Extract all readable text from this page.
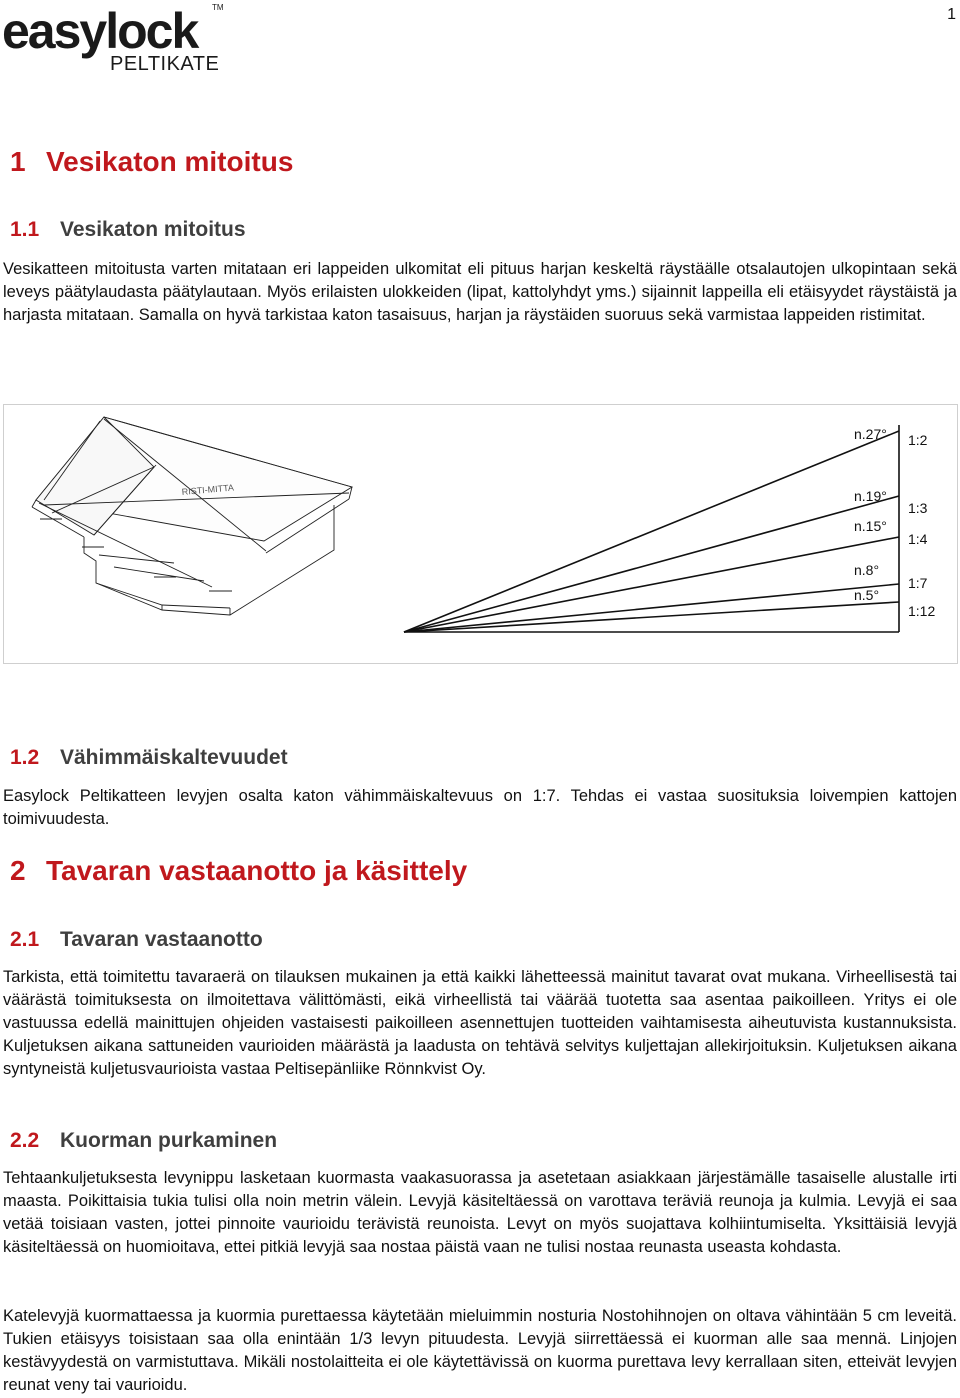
1
easylock TM
PELTIKATE
1 Vesikaton mitoitus
1.1 Vesikaton mitoitus

Vesikatteen mitoitusta varten mitataan eri lappeiden ulkomitat eli pituus harjan keskeltä räystäälle otsalautojen ulkopintaan sekä leveys päätylaudasta päätylautaan. Myös erilaisten ulokkeiden (lipat, kattolyhdyt yms.) sijainnit lappeilla eli etäisyydet räystäistä ja harjasta mitataan. Samalla on hyvä tarkistaa katon tasaisuus, harjan ja räystäiden suoruus sekä varmistaa lappeiden ristimitat.

RISTI-MITTA
n.27° 1:2
n.19°
1:3
n.15°
1:4
n.8°
1:7
n.5°
1:12
1.2 Vähimmäiskaltevuudet

Easylock Peltikatteen levyjen osalta katon vähimmäiskaltevuus on 1:7. Tehdas ei vastaa suosituksia loivempien kattojen toimivuudesta.

2 Tavaran vastaanotto ja käsittely
2.1 Tavaran vastaanotto

Tarkista, että toimitettu tavaraerä on tilauksen mukainen ja että kaikki lähetteessä mainitut tavarat ovat mukana. Virheellisestä tai väärästä toimituksesta on ilmoitettava välittömästi, eikä virheellistä tai väärää tuotetta saa asentaa paikoilleen. Yritys ei ole vastuussa edellä mainittujen ohjeiden vastaisesti paikoilleen asennettujen tuotteiden vaihtamisesta aiheutuvista kustannuksista. Kuljetuksen aikana sattuneiden vaurioiden määrästä ja laadusta on tehtävä selvitys kuljettajan allekirjoituksin. Kuljetuksen aikana syntyneistä kuljetusvaurioista vastaa Peltisepänliike Rönnkvist Oy.

2.2 Kuorman purkaminen

Tehtaankuljetuksesta levynippu lasketaan kuormasta vaakasuorassa ja asetetaan asiakkaan järjestämälle tasaiselle alustalle irti maasta. Poikittaisia tukia tulisi olla noin metrin välein. Levyjä käsiteltäessä on varottava teräviä reunoja ja kulmia. Levyjä ei saa vetää toisiaan vasten, jottei pinnoite vaurioidu terävistä reunoista. Levyt on myös suojattava kolhiintumiselta. Yksittäisiä levyjä käsiteltäessä on huomioitava, ettei pitkiä levyjä saa nostaa päistä vaan ne tulisi nostaa reunasta useasta kohdasta.

Katelevyjä kuormattaessa ja kuormia purettaessa käytetään mieluimmin nosturia Nostohihnojen on oltava vähintään 5 cm leveitä. Tukien etäisyys toisistaan saa olla enintään 1/3 levyn pituudesta. Levyjä siirrettäessä ei kuorman alle saa mennä. Linjojen kestävyydestä on varmistuttava. Mikäli nostolaitteita ei ole käytettävissä on kuorma purettava levy kerrallaan siten, etteivät levyjen reunat veny tai vaurioidu.
